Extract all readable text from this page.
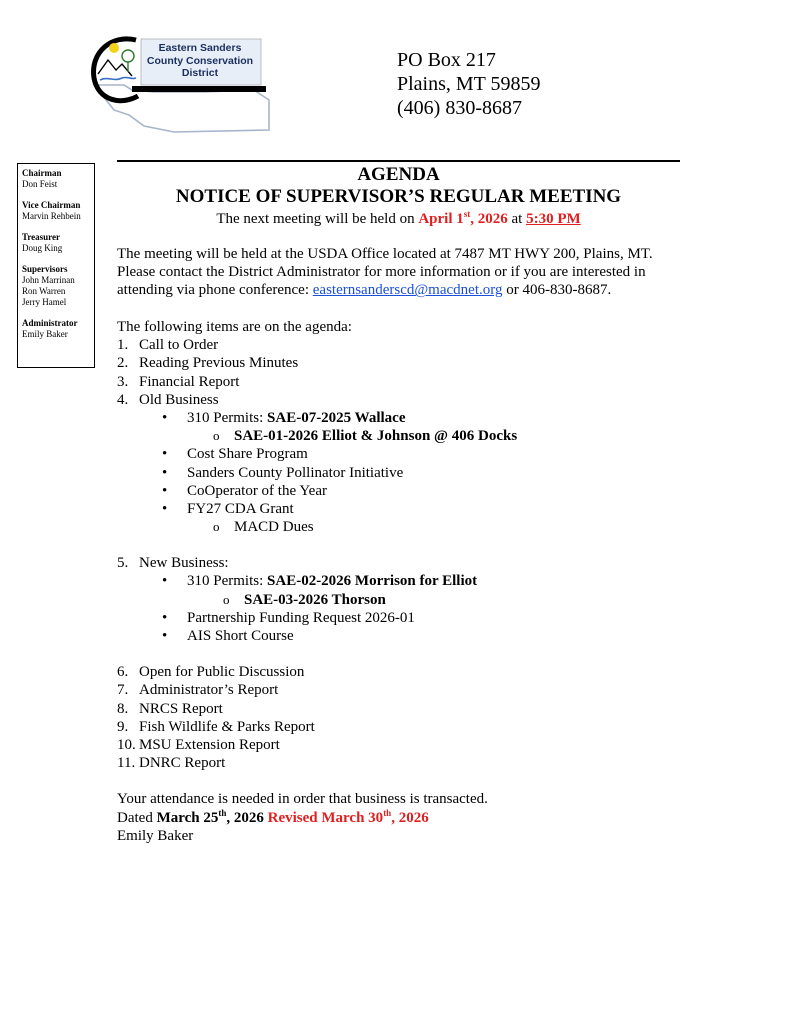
Eastern Sanders
County Conservation
District
PO Box 217
Plains, MT 59859
(406) 830-8687
Chairman
Don Feist
Vice Chairman
Marvin Rehbein
Treasurer
Doug King
Supervisors
John Marrinan
Ron Warren
Jerry Hamel
Administrator
Emily Baker
AGENDA
NOTICE OF SUPERVISOR’S REGULAR MEETING
The next meeting will be held on April 1st, 2026 at 5:30 PM
The meeting will be held at the USDA Office located at 7487 MT HWY 200, Plains, MT.
Please contact the District Administrator for more information or if you are interested in
attending via phone conference: easternsanderscd@macdnet.org or 406-830-8687.
The following items are on the agenda:
1. Call to Order
2. Reading Previous Minutes
3. Financial Report
4. Old Business
• 310 Permits: SAE-07-2025 Wallace
o SAE-01-2026 Elliot & Johnson @ 406 Docks
• Cost Share Program
• Sanders County Pollinator Initiative
• CoOperator of the Year
• FY27 CDA Grant
o MACD Dues
5. New Business:
• 310 Permits: SAE-02-2026 Morrison for Elliot
o SAE-03-2026 Thorson
• Partnership Funding Request 2026-01
• AIS Short Course
6. Open for Public Discussion
7. Administrator’s Report
8. NRCS Report
9. Fish Wildlife & Parks Report
10. MSU Extension Report
11. DNRC Report
Your attendance is needed in order that business is transacted.
Dated March 25th, 2026 Revised March 30th, 2026
Emily Baker
